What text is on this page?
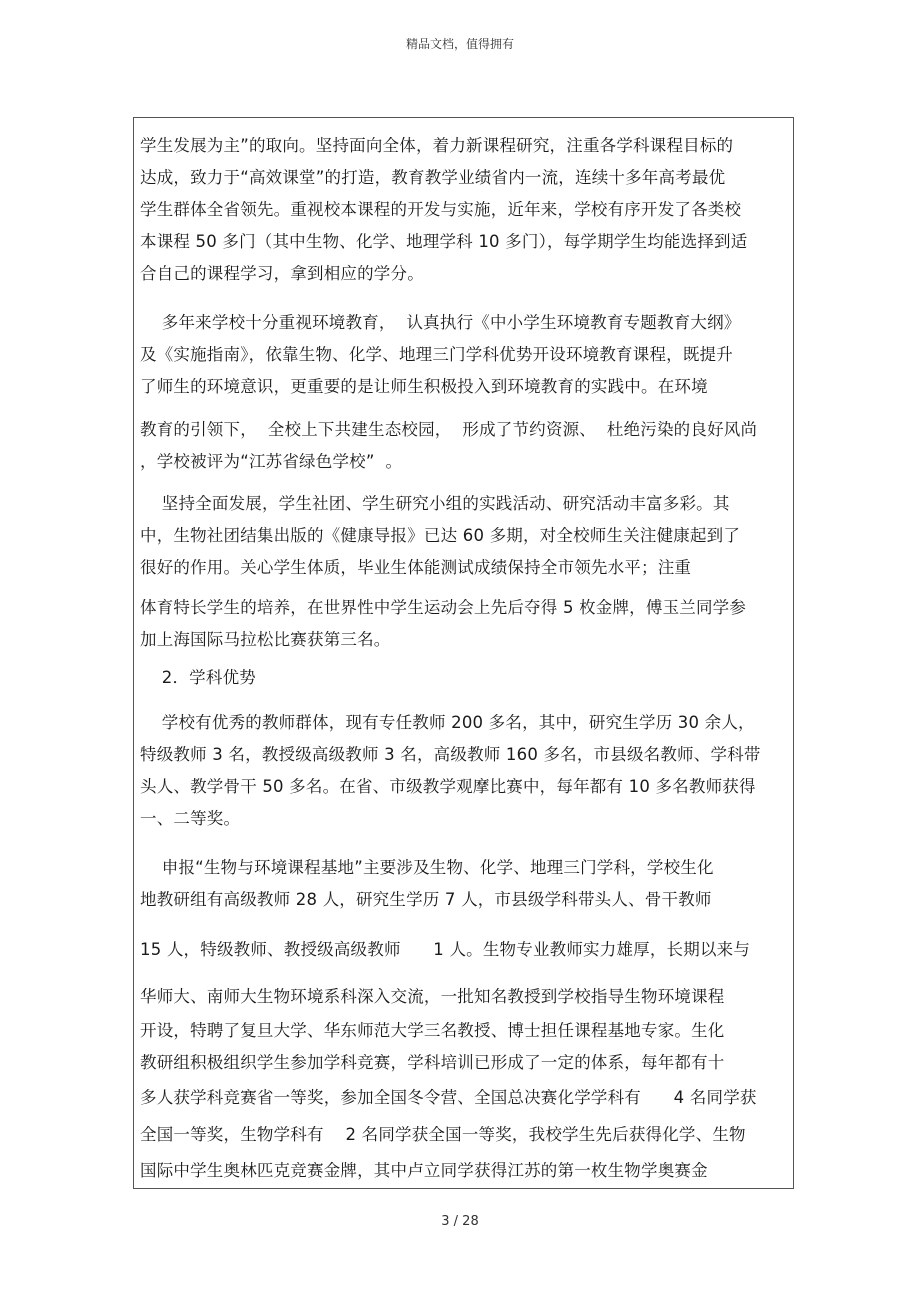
精品文档，值得拥有
学生发展为主”的取向。坚持面向全体，着力新课程研究，注重各学科课程目标的
达成，致力于“高效课堂”的打造，教育教学业绩省内一流，连续十多年高考最优
学生群体全省领先。重视校本课程的开发与实施，近年来，学校有序开发了各类校
本课程 50 多门（其中生物、化学、地理学科 10 多门），每学期学生均能选择到适
合自己的课程学习，拿到相应的学分。
多年来学校十分重视环境教育，  认真执行《中小学生环境教育专题教育大纲》
及《实施指南》，依靠生物、化学、地理三门学科优势开设环境教育课程，既提升
了师生的环境意识，更重要的是让师生积极投入到环境教育的实践中。在环境
教育的引领下，  全校上下共建生态校园，  形成了节约资源、  杜绝污染的良好风尚
，学校被评为“江苏省绿色学校”  。
坚持全面发展，学生社团、学生研究小组的实践活动、研究活动丰富多彩。其
中，生物社团结集出版的《健康导报》已达 60 多期，对全校师生关注健康起到了
很好的作用。关心学生体质，毕业生体能测试成绩保持全市领先水平；注重
体育特长学生的培养，在世界性中学生运动会上先后夺得 5 枚金牌，傅玉兰同学参
加上海国际马拉松比赛获第三名。
2．学科优势
学校有优秀的教师群体，现有专任教师 200 多名，其中，研究生学历 30 余人，
特级教师 3 名，教授级高级教师 3 名，高级教师 160 多名，市县级名教师、学科带
头人、教学骨干 50 多名。在省、市级教学观摩比赛中，每年都有 10 多名教师获得
一、二等奖。
申报“生物与环境课程基地”主要涉及生物、化学、地理三门学科，学校生化
地教研组有高级教师 28 人，研究生学历 7 人，市县级学科带头人、骨干教师
15 人，特级教师、教授级高级教师      1 人。生物专业教师实力雄厚，长期以来与
华师大、南师大生物环境系科深入交流，一批知名教授到学校指导生物环境课程
开设，特聘了复旦大学、华东师范大学三名教授、博士担任课程基地专家。生化
教研组积极组织学生参加学科竞赛，学科培训已形成了一定的体系，每年都有十
多人获学科竞赛省一等奖，参加全国冬令营、全国总决赛化学学科有      4 名同学获
全国一等奖，生物学科有    2 名同学获全国一等奖，我校学生先后获得化学、生物
国际中学生奥林匹克竞赛金牌，其中卢立同学获得江苏的第一枚生物学奥赛金
3 / 28
